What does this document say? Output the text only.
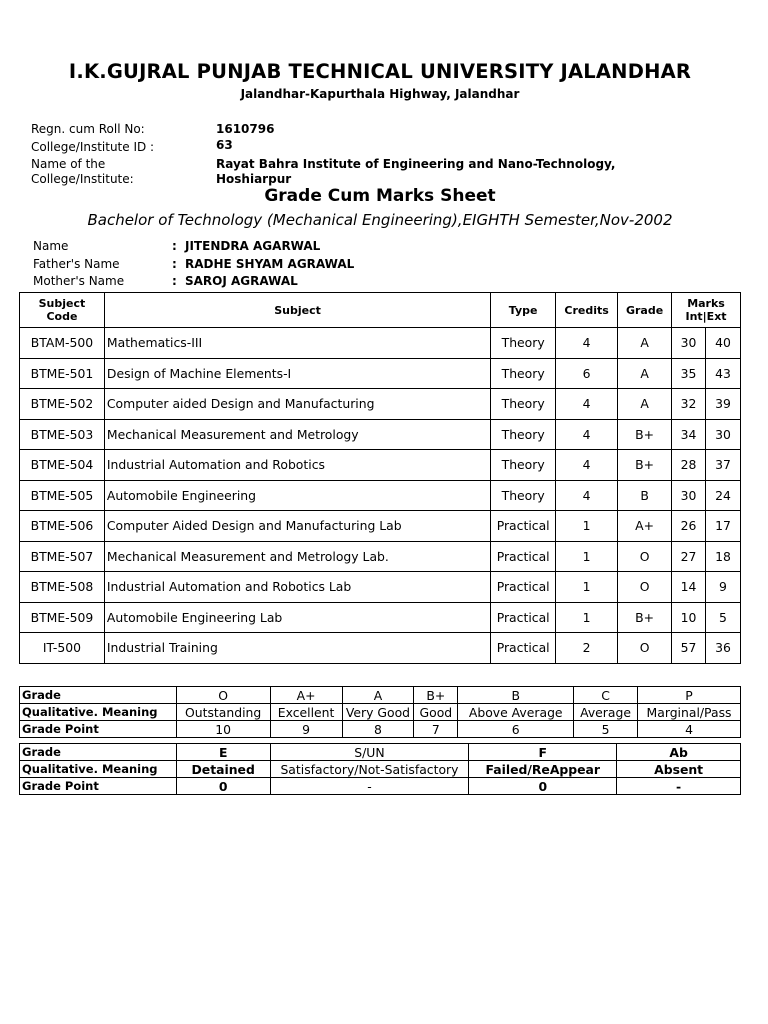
I.K.GUJRAL PUNJAB TECHNICAL UNIVERSITY JALANDHAR
Jalandhar-Kapurthala Highway, Jalandhar
Regn. cum Roll No:	1610796
College/Institute ID :	63
Name of the
College/Institute:
Rayat Bahra Institute of Engineering and Nano-Technology,
Hoshiarpur
Grade Cum Marks Sheet
Bachelor of Technology (Mechanical Engineering),EIGHTH Semester,Nov-2002
Name	: JITENDRA AGARWAL
Father's Name	: RADHE SHYAM AGRAWAL
Mother's Name	: SAROJ AGRAWAL
Subject
Code	Subject	Type	Credits	Grade	Marks
Int|Ext	
BTAM-500	Mathematics-III	Theory	4	A	30	40
BTME-501	Design of Machine Elements-I	Theory	6	A	35	43
BTME-502	Computer aided Design and Manufacturing	Theory	4	A	32	39
BTME-503	Mechanical Measurement and Metrology	Theory	4	B+	34	30
BTME-504	Industrial Automation and Robotics	Theory	4	B+	28	37
BTME-505	Automobile Engineering	Theory	4	B	30	24
BTME-506	Computer Aided Design and Manufacturing Lab	Practical	1	A+	26	17
BTME-507	Mechanical Measurement and Metrology Lab.	Practical	1	O	27	18
BTME-508	Industrial Automation and Robotics Lab	Practical	1	O	14	9
BTME-509	Automobile Engineering Lab	Practical	1	B+	10	5
IT-500	Industrial Training	Practical	2	O	57	36
Grade	O	A+	A	B+	B	C	P
Qualitative. Meaning	Outstanding	Excellent	Very Good	Good	Above Average	Average	Marginal/Pass
Grade Point	10	9	8	7	6	5	4
Grade	E	S/UN	F	Ab
Qualitative. Meaning	Detained	Satisfactory/Not-Satisfactory	Failed/ReAppear	Absent
Grade Point	0	-	0	-
